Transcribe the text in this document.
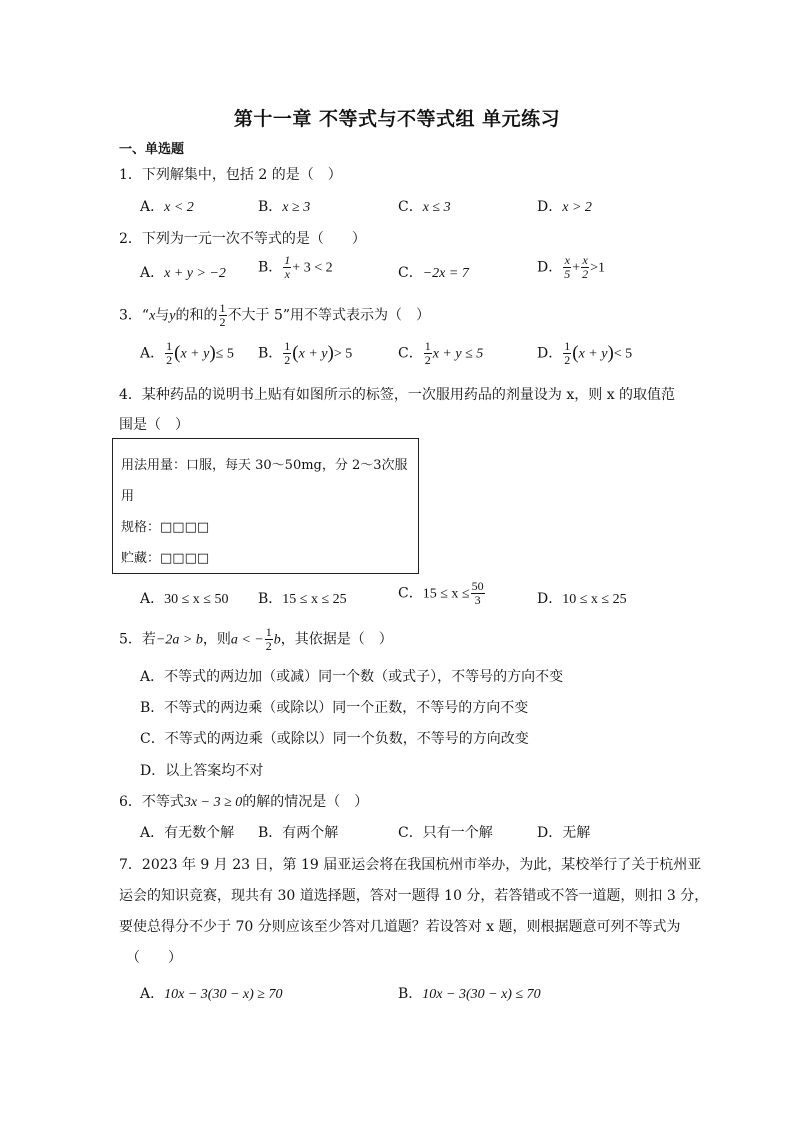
第十一章 不等式与不等式组 单元练习
一、单选题
1．下列解集中，包括 2 的是（　）
A．x < 2	B．x ≥ 3	C．x ≤ 3	D．x > 2
2．下列为一元一次不等式的是（　　）
A．x + y > −2 B． $\frac{1}{x} + 3 < 2$	C．−2x = 7	D． $\frac{x}{5} + \frac{x}{2} >1$
3．“x与y的和的 $\frac{1}{2}$ 不大于 5”用不等式表示为（　）
A． $\frac{1}{2} (x + y)\le 5$ B． $\frac{1}{2} (x + y)> 5$	C． $\frac{1}{2}$ x + y ≤ 5	D． $\frac{1}{2} (x + y)< 5$
4．某种药品的说明书上贴有如图所示的标签，一次服用药品的剂量设为 x，则 x 的取值范
围是（　）
用法用量：口服，每天 30～50mg，分 2～3次服
用
规格：□□□□
贮藏：□□□□
A．30 ≤ x ≤ 50 B．15 ≤ x ≤ 25	C．$15 \le x \le \frac{50}{3}$	D．10 ≤ x ≤ 25
5．若−2a > b，则a < − $\frac{1}{2}$ b，其依据是（　）
A．不等式的两边加（或减）同一个数（或式子），不等号的方向不变
B．不等式的两边乘（或除以）同一个正数，不等号的方向不变
C．不等式的两边乘（或除以）同一个负数，不等号的方向改变
D．以上答案均不对
6．不等式3x − 3 ≥ 0的解的情况是（　）
A．有无数个解 B．有两个解	C．只有一个解	D．无解
7．2023 年 9 月 23 日，第 19 届亚运会将在我国杭州市举办，为此，某校举行了关于杭州亚
运会的知识竞赛，现共有 30 道选择题，答对一题得 10 分，若答错或不答一道题，则扣 3 分，
要使总得分不少于 70 分则应该至少答对几道题？若设答对 x 题，则根据题意可列不等式为
（　　）
A．10x − 3(30 − x) ≥ 70	B．10x − 3(30 − x) ≤ 70
